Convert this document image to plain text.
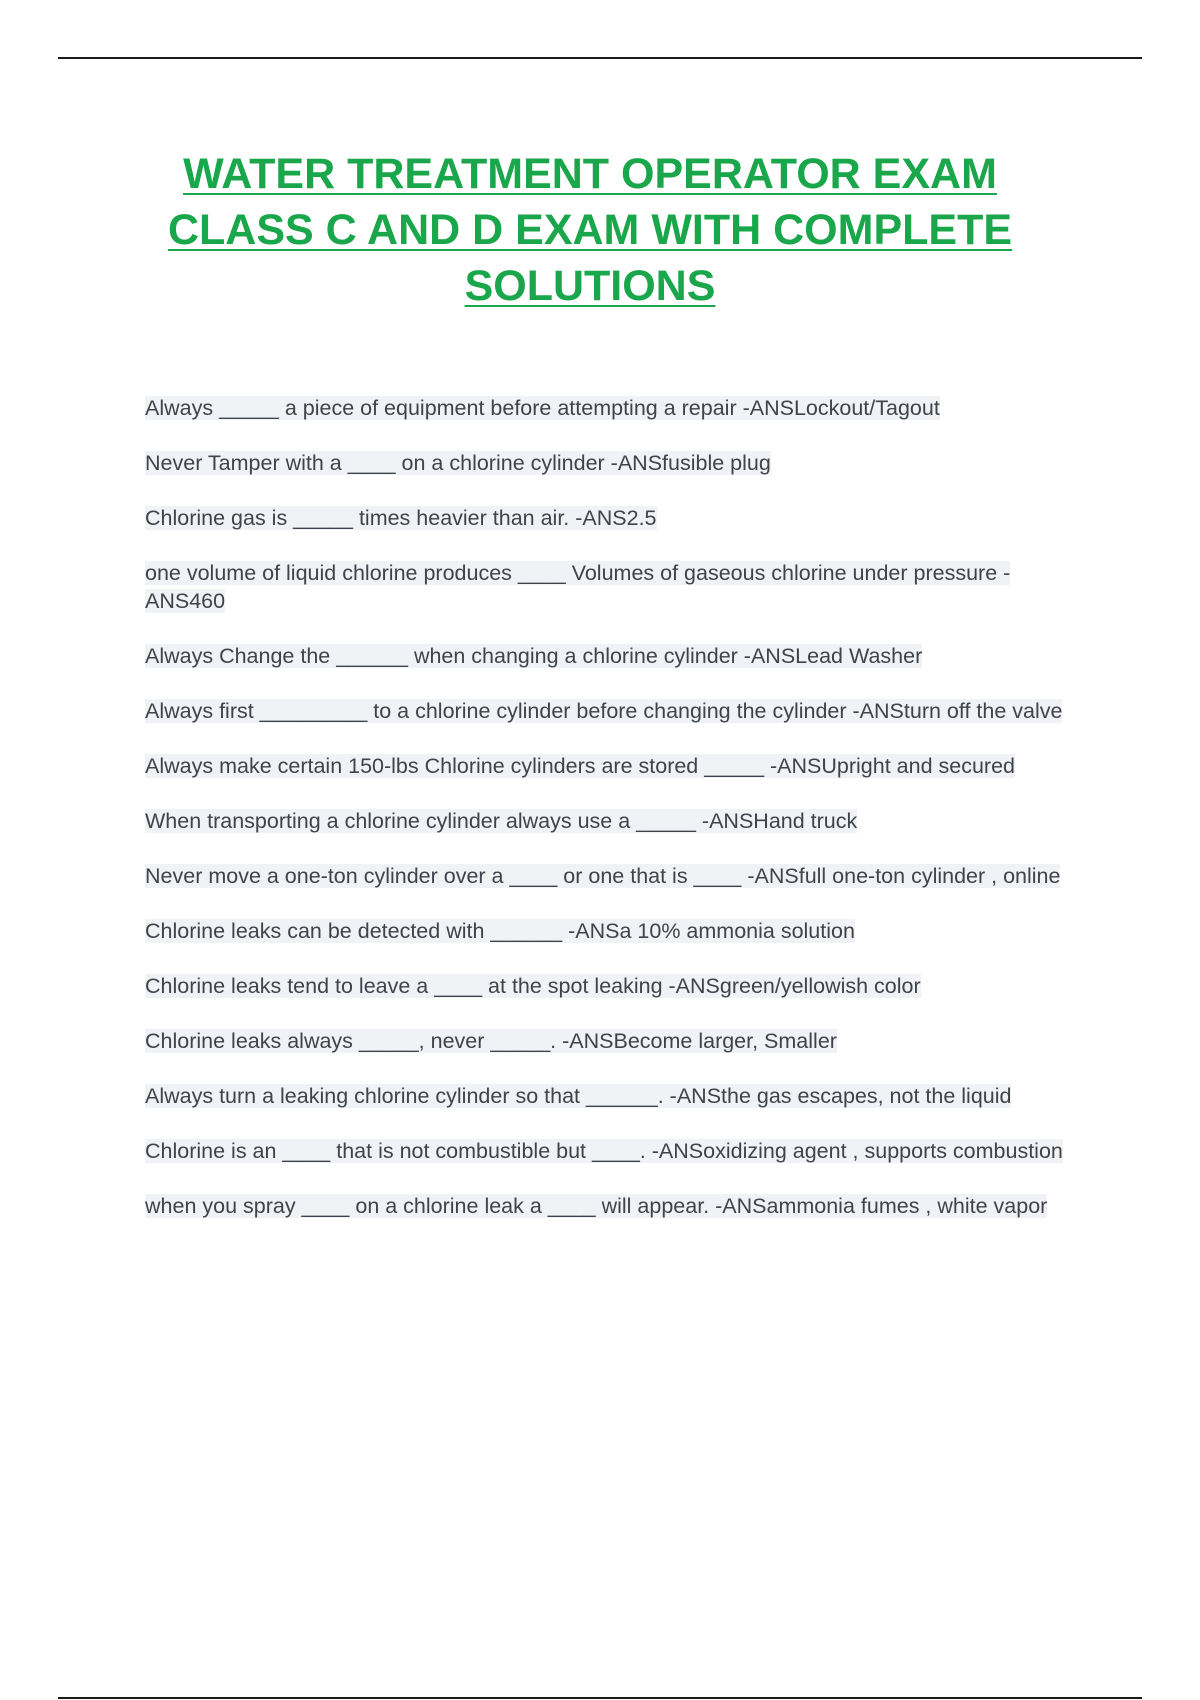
WATER TREATMENT OPERATOR EXAM CLASS C AND D EXAM WITH COMPLETE SOLUTIONS
Always _____ a piece of equipment before attempting a repair -ANSLockout/Tagout
Never Tamper with a ____ on a chlorine cylinder -ANSfusible plug
Chlorine gas is _____ times heavier than air. -ANS2.5
one volume of liquid chlorine produces ____ Volumes of gaseous chlorine under pressure -ANS460
Always Change the ______ when changing a chlorine cylinder -ANSLead Washer
Always first _________ to a chlorine cylinder before changing the cylinder -ANSturn off the valve
Always make certain 150-lbs Chlorine cylinders are stored _____ -ANSUpright and secured
When transporting a chlorine cylinder always use a _____ -ANSHand truck
Never move a one-ton cylinder over a ____ or one that is ____ -ANSfull one-ton cylinder , online
Chlorine leaks can be detected with ______ -ANSa 10% ammonia solution
Chlorine leaks tend to leave a ____ at the spot leaking -ANSgreen/yellowish color
Chlorine leaks always _____, never _____. -ANSBecome larger, Smaller
Always turn a leaking chlorine cylinder so that ______. -ANSthe gas escapes, not the liquid
Chlorine is an ____ that is not combustible but ____. -ANSoxidizing agent , supports combustion
when you spray ____ on a chlorine leak a ____ will appear. -ANSammonia fumes , white vapor
